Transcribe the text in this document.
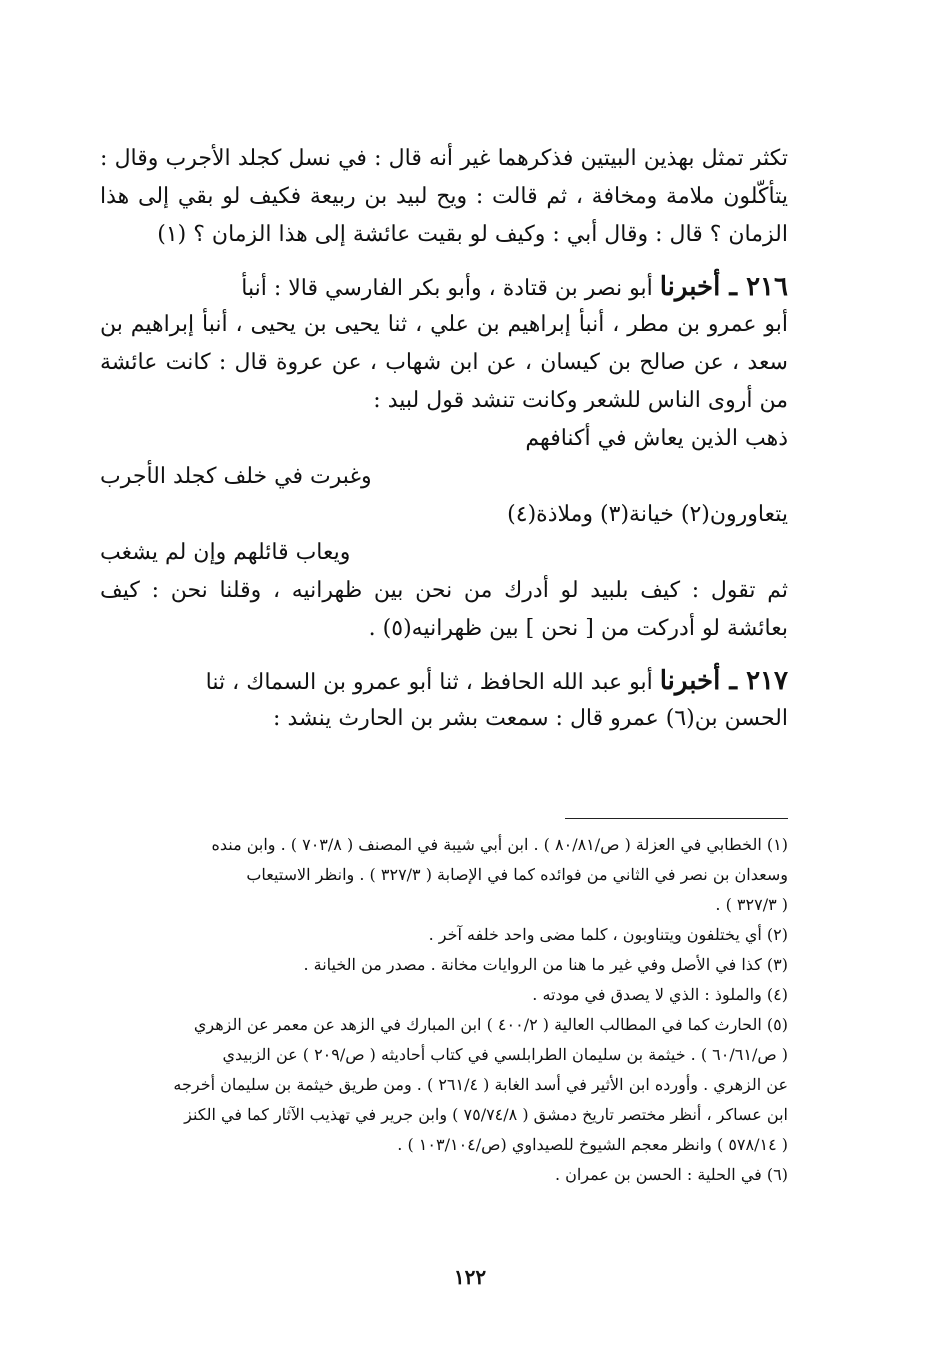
تكثر تمثل بهذين البيتين فذكرهما غير أنه قال : في نسل كجلد الأجرب وقال :
يتأكّلون ملامة ومخافة ، ثم قالت : ويح لبيد بن ربيعة فكيف لو بقي إلى هذا
الزمان ؟ قال : وقال أبي : وكيف لو بقيت عائشة إلى هذا الزمان ؟ (١)
٢١٦ ـ أخبرنا أبو نصر بن قتادة ، وأبو بكر الفارسي قالا : أنبأ
أبو عمرو بن مطر ، أنبأ إبراهيم بن علي ، ثنا يحيى بن يحيى ، أنبأ إبراهيم بن
سعد ، عن صالح بن كيسان ، عن ابن شهاب ، عن عروة قال : كانت عائشة
من أروى الناس للشعر وكانت تنشد قول لبيد :
ذهب الذين يعاش في أكنافهم
وغبرت في خلف كجلد الأجرب
يتعاورون(٢) خيانة(٣) وملاذة(٤)
ويعاب قائلهم وإن لم يشغب
ثم تقول : كيف بلبيد لو أدرك من نحن بين ظهرانيه ، وقلنا نحن : كيف
بعائشة لو أدركت من [ نحن ] بين ظهرانيه(٥) .
٢١٧ ـ أخبرنا أبو عبد الله الحافظ ، ثنا أبو عمرو بن السماك ، ثنا
الحسن بن(٦) عمرو قال : سمعت بشر بن الحارث ينشد :
(١) الخطابي في العزلة ( ص/٨٠/٨١ ) . ابن أبي شيبة في المصنف ( ٧٠٣/٨ ) . وابن منده
وسعدان بن نصر في الثاني من فوائده كما في الإصابة ( ٣٢٧/٣ ) . وانظر الاستيعاب
( ٣٢٧/٣ ) .
(٢) أي يختلفون ويتناوبون ، كلما مضى واحد خلفه آخر .
(٣) كذا في الأصل وفي غير ما هنا من الروايات مخانة . مصدر من الخيانة .
(٤) والملوذ : الذي لا يصدق في مودته .
(٥) الحارث كما في المطالب العالية ( ٤٠٠/٢ ) ابن المبارك في الزهد عن معمر عن الزهري
( ص/٦٠/٦١ ) . خيثمة بن سليمان الطرابلسي في كتاب أحاديثه ( ص/٢٠٩ ) عن الزبيدي
عن الزهري . وأورده ابن الأثير في أسد الغابة ( ٢٦١/٤ ) . ومن طريق خيثمة بن سليمان أخرجه
ابن عساكر ، أنظر مختصر تاريخ دمشق ( ٧٥/٧٤/٨ ) وابن جرير في تهذيب الآثار كما في الكنز
( ٥٧٨/١٤ ) وانظر معجم الشيوخ للصيداوي (ص/١٠٣/١٠٤ ) .
(٦) في الحلية : الحسن بن عمران .
١٢٢
